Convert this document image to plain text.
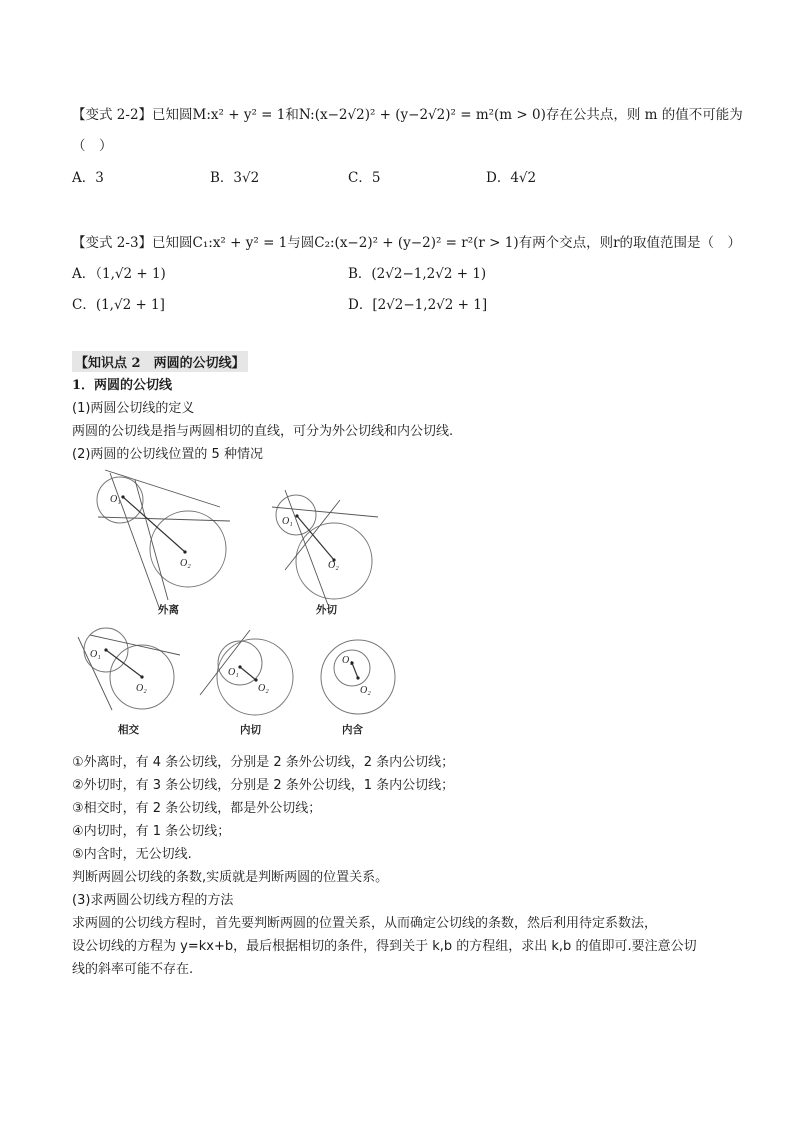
【变式 2-2】已知圆M:x² + y² = 1和N:(x−2√2)² + (y−2√2)² = m²(m > 0)存在公共点，则 m 的值不可能为
（　）
A．3	B．3√2	C．5	D．4√2
【变式 2-3】已知圆C₁:x² + y² = 1与圆C₂:(x−2)² + (y−2)² = r²(r > 1)有两个交点，则r的取值范围是（　）
A．（1,√2 + 1)	B．(2√2−1,2√2 + 1)
C．(1,√2 + 1]	D．[2√2−1,2√2 + 1]
【知识点 2　两圆的公切线】
1．两圆的公切线
(1)两圆公切线的定义
两圆的公切线是指与两圆相切的直线，可分为外公切线和内公切线.
(2)两圆的公切线位置的 5 种情况
O₁
O₂
外离
O₁
O₂
外切
O₁
O₂
相交
O₁
O₂
内切
O₁
O₂
内含
①外离时，有 4 条公切线，分别是 2 条外公切线，2 条内公切线；
②外切时，有 3 条公切线，分别是 2 条外公切线，1 条内公切线；
③相交时，有 2 条公切线，都是外公切线；
④内切时，有 1 条公切线；
⑤内含时，无公切线.
判断两圆公切线的条数,实质就是判断两圆的位置关系。
(3)求两圆公切线方程的方法
求两圆的公切线方程时，首先要判断两圆的位置关系，从而确定公切线的条数，然后利用待定系数法，
设公切线的方程为 y=kx+b，最后根据相切的条件，得到关于 k,b 的方程组，求出 k,b 的值即可.要注意公切
线的斜率可能不存在.
